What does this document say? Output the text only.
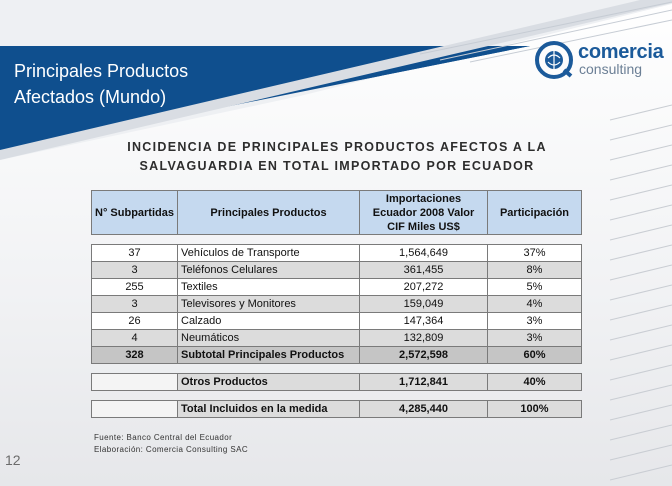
Principales Productos
Afectados (Mundo)
comercia
consulting
INCIDENCIA DE PRINCIPALES PRODUCTOS AFECTOS A LA
SALVAGUARDIA EN TOTAL IMPORTADO POR ECUADOR
N° Subpartidas	Principales Productos	Importaciones Ecuador 2008 Valor CIF Miles US$	Participación
37	Vehículos de Transporte	1,564,649	37%
3	Teléfonos Celulares	361,455	8%
255	Textiles	207,272	5%
3	Televisores y Monitores	159,049	4%
26	Calzado	147,364	3%
4	Neumáticos	132,809	3%
328	Subtotal Principales Productos	2,572,598	60%
	Otros Productos	1,712,841	40%
	Total Incluidos en la medida	4,285,440	100%
Fuente: Banco Central del Ecuador
Elaboración: Comercia Consulting SAC
12
